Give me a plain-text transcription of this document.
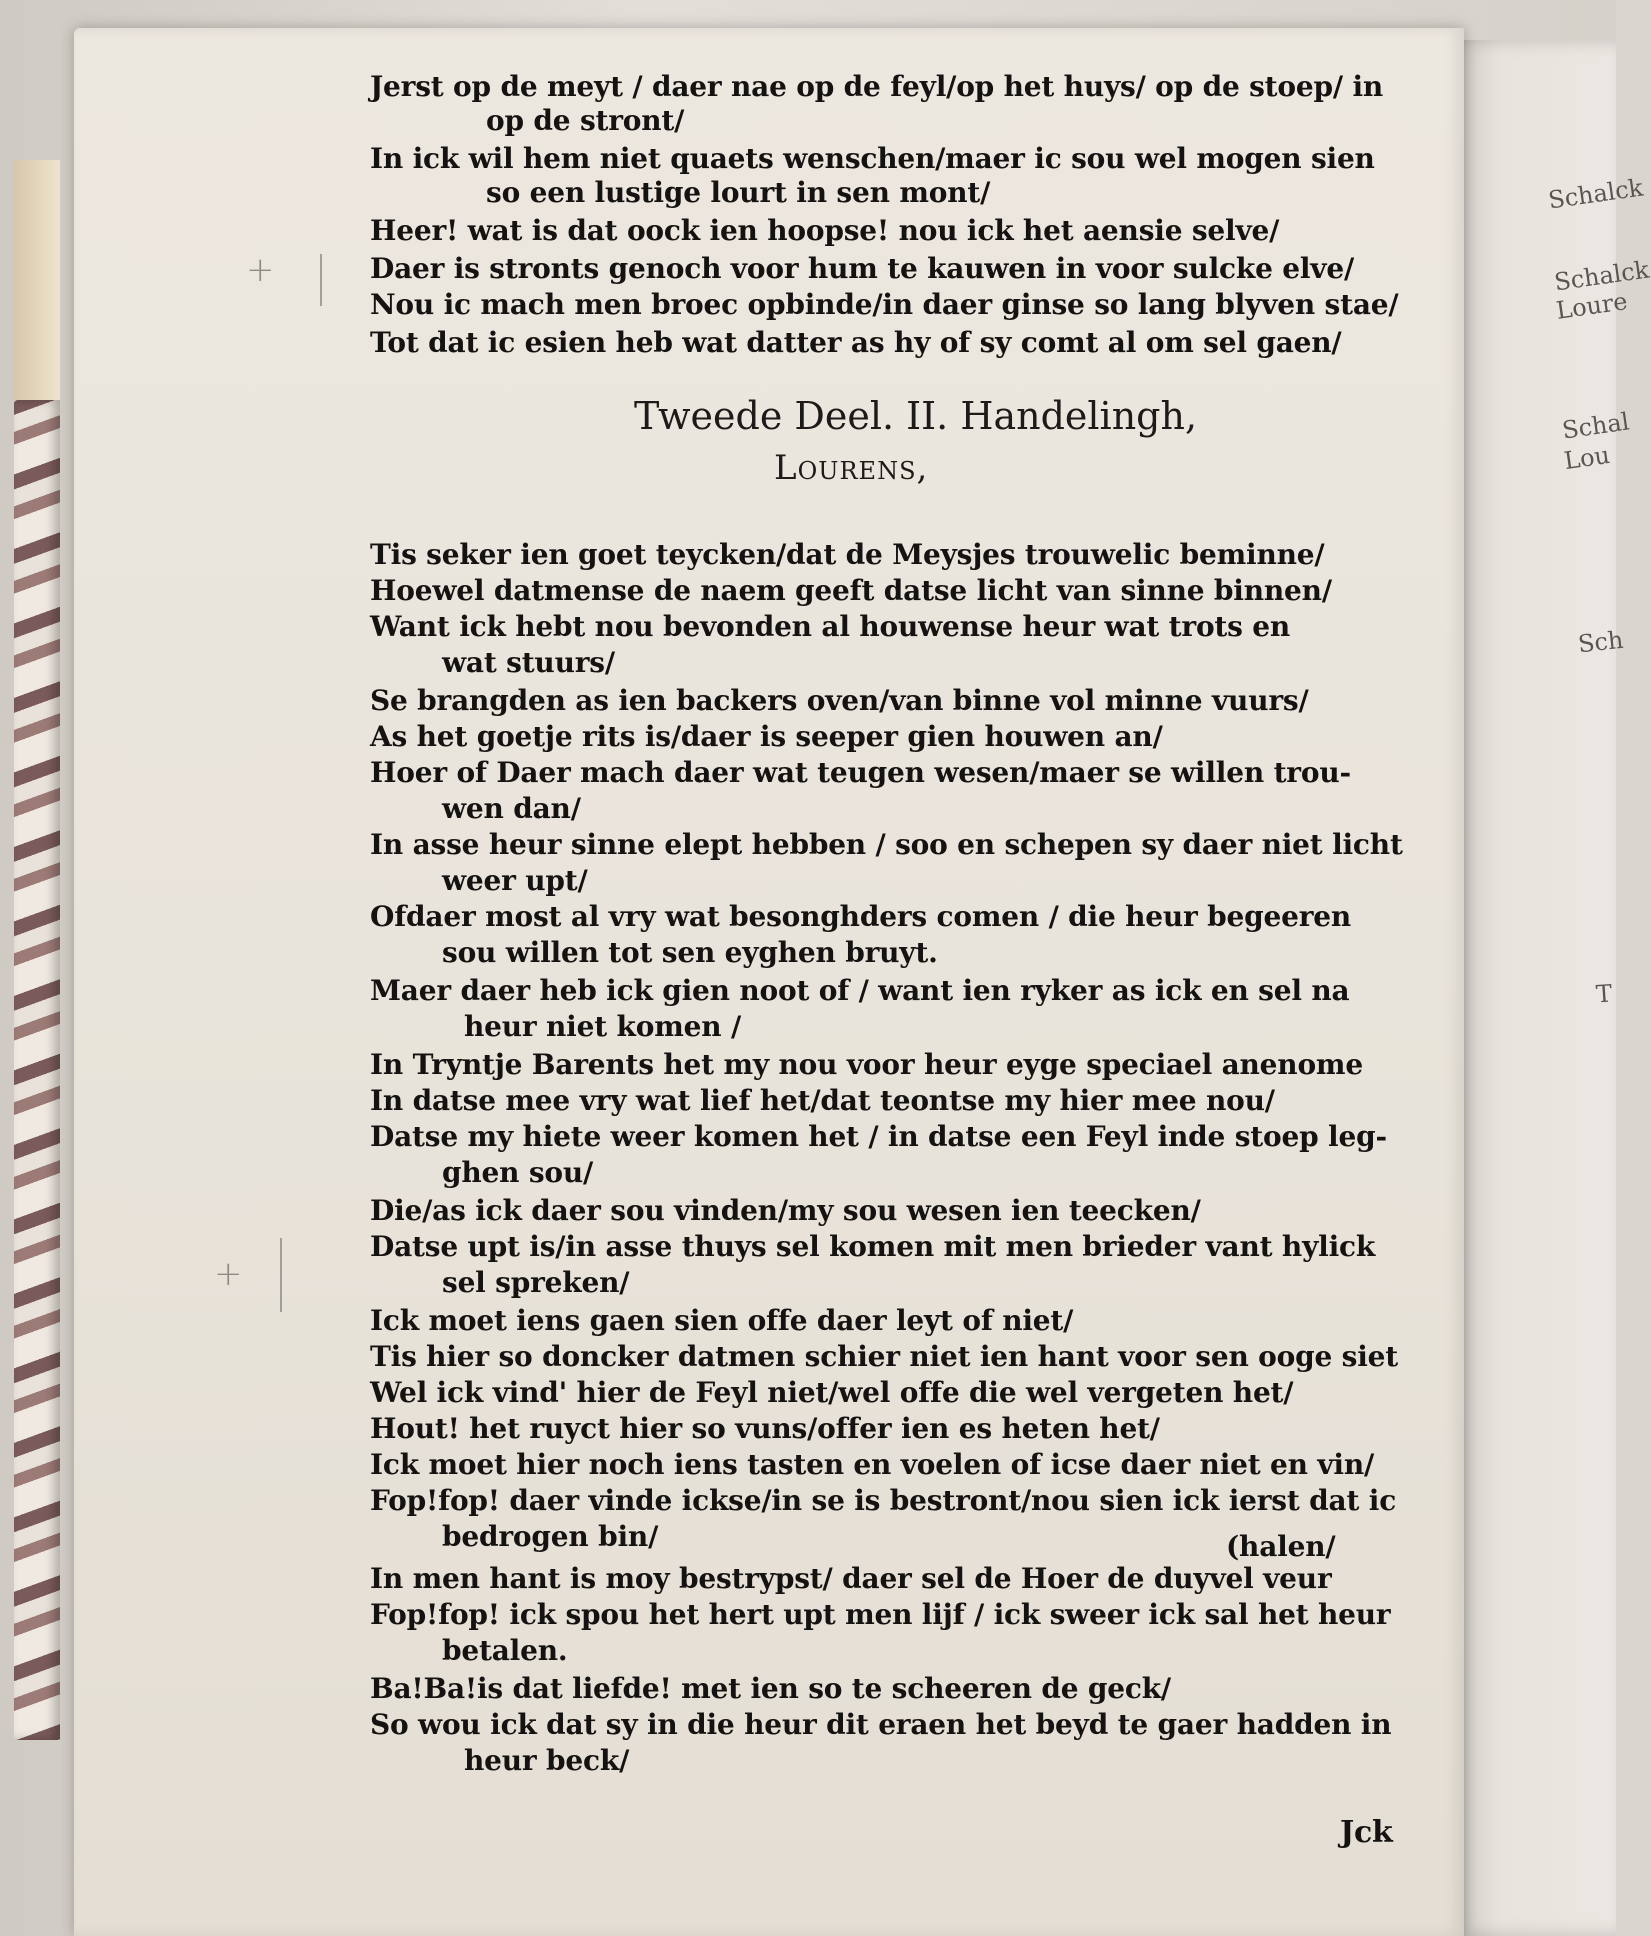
Schalck
Schalck
Loure
Schal
Lou
Sch
T
+
+
Jerst op de meyt / daer nae op de feyl/op het huys/ op de stoep/ in
op de stront/
In ick wil hem niet quaets wenschen/maer ic sou wel mogen sien
so een lustige lourt in sen mont/
Heer! wat is dat oock ien hoopse! nou ick het aensie selve/
Daer is stronts genoch voor hum te kauwen in voor sulcke elve/
Nou ic mach men broec opbinde/in daer ginse so lang blyven stae/
Tot dat ic esien heb wat datter as hy of sy comt al om sel gaen/
Tweede Deel. II. Handelingh,
Lourens,
Tis seker ien goet teycken/dat de Meysjes trouwelic beminne/
Hoewel datmense de naem geeft datse licht van sinne binnen/
Want ick hebt nou bevonden al houwense heur wat trots en
wat stuurs/
Se brangden as ien backers oven/van binne vol minne vuurs/
As het goetje rits is/daer is seeper gien houwen an/
Hoer of Daer mach daer wat teugen wesen/maer se willen trou-
wen dan/
In asse heur sinne elept hebben / soo en schepen sy daer niet licht
weer upt/
Ofdaer most al vry wat besonghders comen / die heur begeeren
sou willen tot sen eyghen bruyt.
Maer daer heb ick gien noot of / want ien ryker as ick en sel na
heur niet komen /
In Tryntje Barents het my nou voor heur eyge speciael anenome
In datse mee vry wat lief het/dat teontse my hier mee nou/
Datse my hiete weer komen het / in datse een Feyl inde stoep leg-
ghen sou/
Die/as ick daer sou vinden/my sou wesen ien teecken/
Datse upt is/in asse thuys sel komen mit men brieder vant hylick
sel spreken/
Ick moet iens gaen sien offe daer leyt of niet/
Tis hier so doncker datmen schier niet ien hant voor sen ooge siet
Wel ick vind' hier de Feyl niet/wel offe die wel vergeten het/
Hout! het ruyct hier so vuns/offer ien es heten het/
Ick moet hier noch iens tasten en voelen of icse daer niet en vin/
Fop!fop! daer vinde ickse/in se is bestront/nou sien ick ierst dat ic
bedrogen bin/	(halen/
In men hant is moy bestrypst/ daer sel de Hoer de duyvel veur
Fop!fop! ick spou het hert upt men lijf / ick sweer ick sal het heur
betalen.
Ba!Ba!is dat liefde! met ien so te scheeren de geck/
So wou ick dat sy in die heur dit eraen het beyd te gaer hadden in
heur beck/
Jck
